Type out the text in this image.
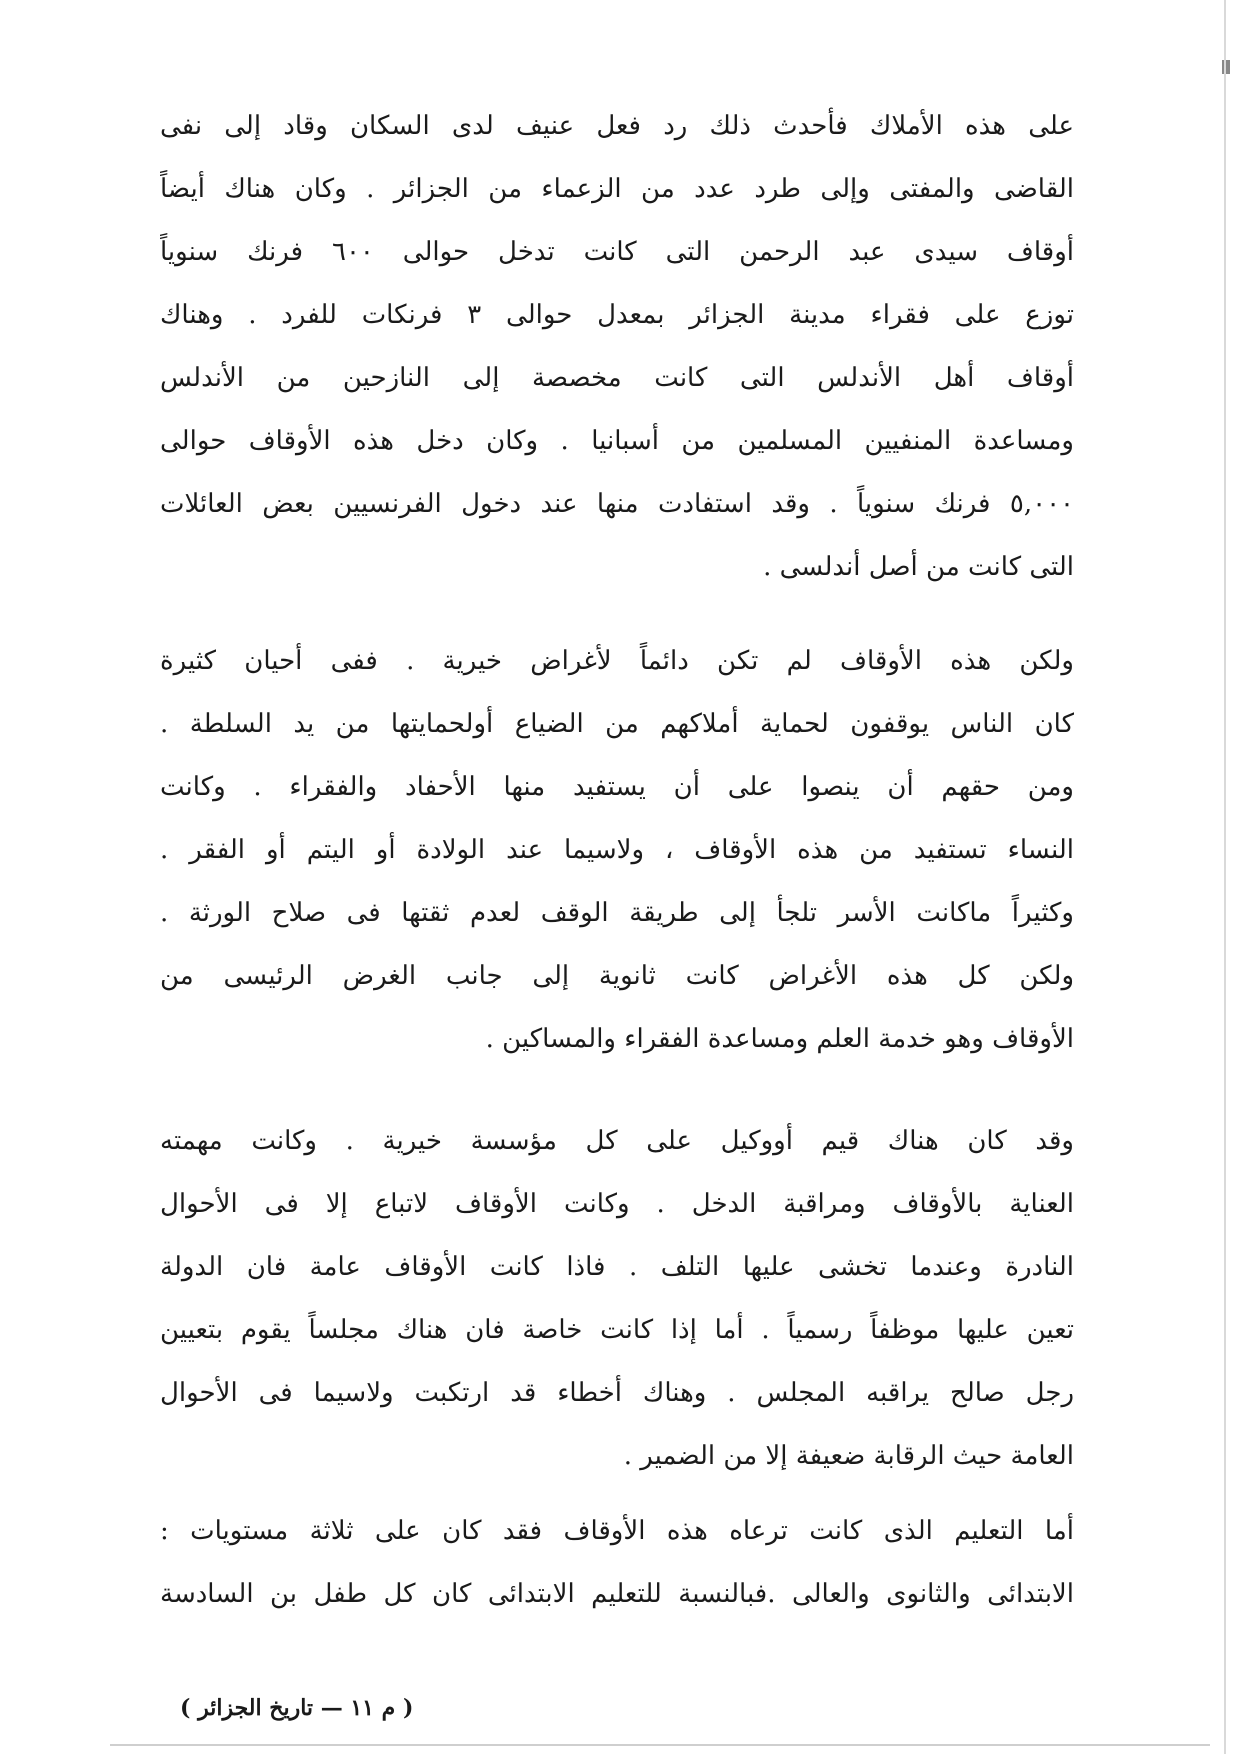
على هذه الأملاك فأحدث ذلك رد فعل عنيف لدى السكان وقاد إلى نفى
القاضى والمفتى وإلى طرد عدد من الزعماء من الجزائر . وكان هناك أيضاً
أوقاف سيدى عبد الرحمن التى كانت تدخل حوالى ٦٠٠ فرنك سنوياً
توزع على فقراء مدينة الجزائر بمعدل حوالى ٣ فرنكات للفرد . وهناك
أوقاف أهل الأندلس التى كانت مخصصة إلى النازحين من الأندلس
ومساعدة المنفيين المسلمين من أسبانيا . وكان دخل هذه الأوقاف حوالى
٥,٠٠٠ فرنك سنوياً . وقد استفادت منها عند دخول الفرنسيين بعض العائلات
التى كانت من أصل أندلسى .
ولكن هذه الأوقاف لم تكن دائماً لأغراض خيرية . ففى أحيان كثيرة
كان الناس يوقفون لحماية أملاكهم من الضياع أولحمايتها من يد السلطة .
ومن حقهم أن ينصوا على أن يستفيد منها الأحفاد والفقراء . وكانت
النساء تستفيد من هذه الأوقاف ، ولاسيما عند الولادة أو اليتم أو الفقر .
وكثيراً ماكانت الأسر تلجأ إلى طريقة الوقف لعدم ثقتها فى صلاح الورثة .
ولكن كل هذه الأغراض كانت ثانوية إلى جانب الغرض الرئيسى من
الأوقاف وهو خدمة العلم ومساعدة الفقراء والمساكين .
وقد كان هناك قيم أووكيل على كل مؤسسة خيرية . وكانت مهمته
العناية بالأوقاف ومراقبة الدخل . وكانت الأوقاف لاتباع إلا فى الأحوال
النادرة وعندما تخشى عليها التلف . فاذا كانت الأوقاف عامة فان الدولة
تعين عليها موظفاً رسمياً . أما إذا كانت خاصة فان هناك مجلساً يقوم بتعيين
رجل صالح يراقبه المجلس . وهناك أخطاء قد ارتكبت ولاسيما فى الأحوال
العامة حيث الرقابة ضعيفة إلا من الضمير .
أما التعليم الذى كانت ترعاه هذه الأوقاف فقد كان على ثلاثة مستويات :
الابتدائى والثانوى والعالى .فبالنسبة للتعليم الابتدائى كان كل طفل بن السادسة
( م ١١ — تاريخ الجزائر )
